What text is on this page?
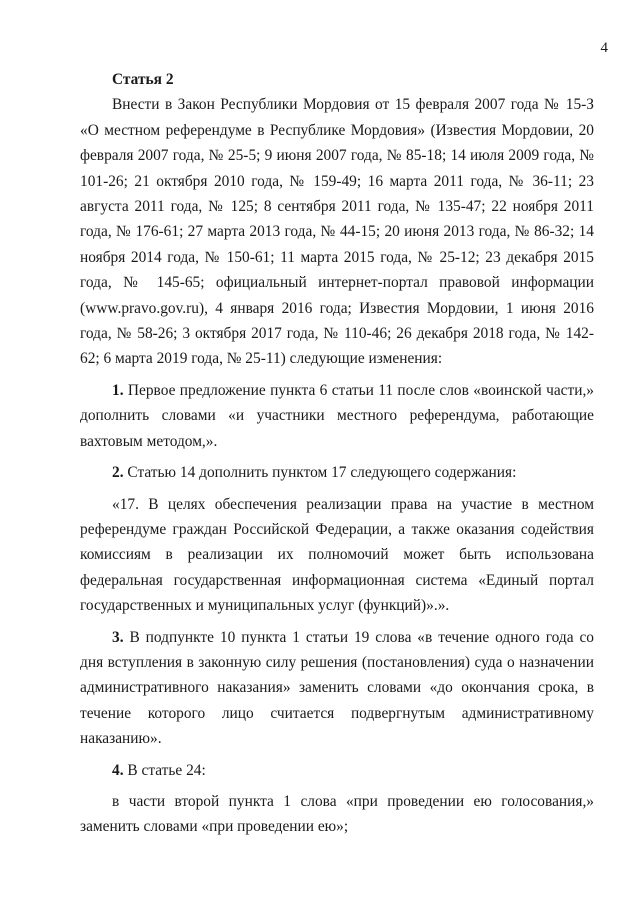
4

Статья 2

Внести в Закон Республики Мордовия от 15 февраля 2007 года № 15-З «О местном референдуме в Республике Мордовия» (Известия Мордовии, 20 февраля 2007 года, № 25-5; 9 июня 2007 года, № 85-18; 14 июля 2009 года, № 101-26; 21 октября 2010 года, № 159-49; 16 марта 2011 года, № 36-11; 23 августа 2011 года, № 125; 8 сентября 2011 года, № 135-47; 22 ноября 2011 года, № 176-61; 27 марта 2013 года, № 44-15; 20 июня 2013 года, № 86-32; 14 ноября 2014 года, № 150-61; 11 марта 2015 года, № 25-12; 23 декабря 2015 года, № 145-65; официальный интернет-портал правовой информации (www.pravo.gov.ru), 4 января 2016 года; Известия Мордовии, 1 июня 2016 года, № 58-26; 3 октября 2017 года, № 110-46; 26 декабря 2018 года, № 142-62; 6 марта 2019 года, № 25-11) следующие изменения:

1. Первое предложение пункта 6 статьи 11 после слов «воинской части,» дополнить словами «и участники местного референдума, работающие вахтовым методом,».

2. Статью 14 дополнить пунктом 17 следующего содержания:

«17. В целях обеспечения реализации права на участие в местном референдуме граждан Российской Федерации, а также оказания содействия комиссиям в реализации их полномочий может быть использована федеральная государственная информационная система «Единый портал государственных и муниципальных услуг (функций)».».

3. В подпункте 10 пункта 1 статьи 19 слова «в течение одного года со дня вступления в законную силу решения (постановления) суда о назначении административного наказания» заменить словами «до окончания срока, в течение которого лицо считается подвергнутым административному наказанию».

4. В статье 24:

в части второй пункта 1 слова «при проведении ею голосования,» заменить словами «при проведении ею»;
